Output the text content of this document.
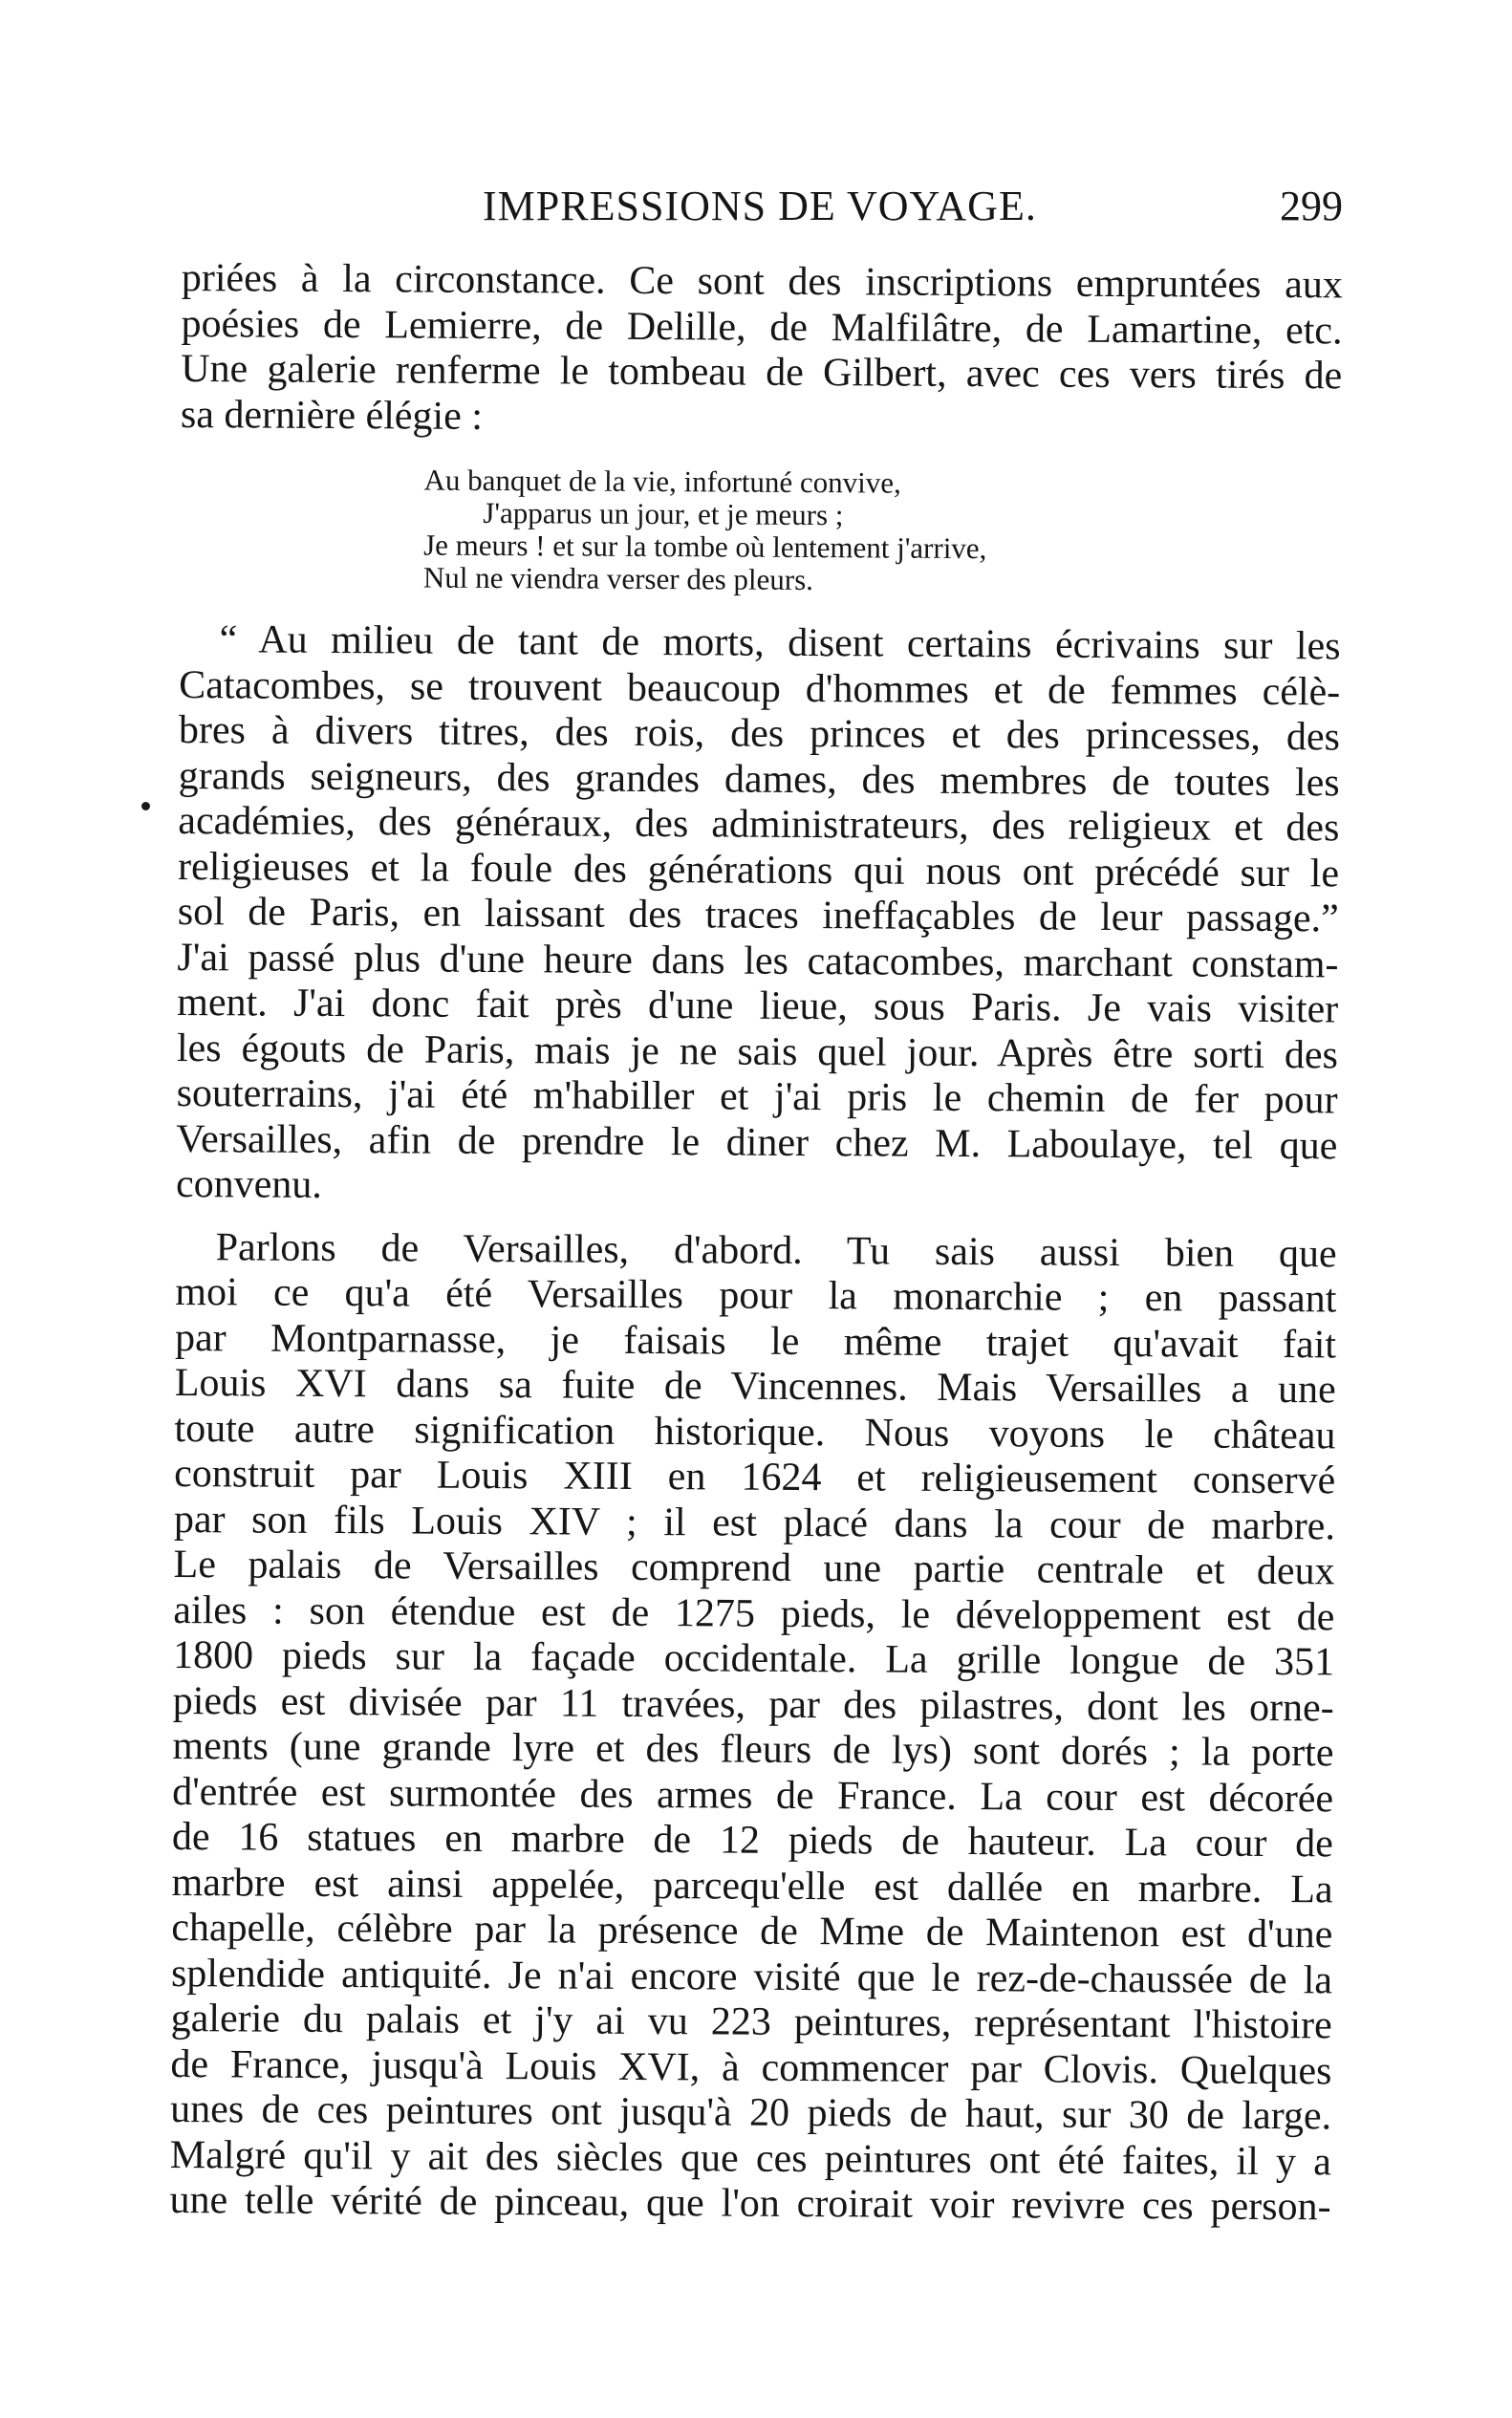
IMPRESSIONS DE VOYAGE.	299
priées à la circonstance. Ce sont des inscriptions empruntées aux
poésies de Lemierre, de Delille, de Malfilâtre, de Lamartine, etc.
Une galerie renferme le tombeau de Gilbert, avec ces vers tirés de
sa dernière élégie :
Au banquet de la vie, infortuné convive,
J'apparus un jour, et je meurs ;
Je meurs ! et sur la tombe où lentement j'arrive,
Nul ne viendra verser des pleurs.
“ Au milieu de tant de morts, disent certains écrivains sur les
Catacombes, se trouvent beaucoup d'hommes et de femmes célè-
bres à divers titres, des rois, des princes et des princesses, des
grands seigneurs, des grandes dames, des membres de toutes les
académies, des généraux, des administrateurs, des religieux et des
religieuses et la foule des générations qui nous ont précédé sur le
sol de Paris, en laissant des traces ineffaçables de leur passage.”
J'ai passé plus d'une heure dans les catacombes, marchant constam-
ment. J'ai donc fait près d'une lieue, sous Paris. Je vais visiter
les égouts de Paris, mais je ne sais quel jour. Après être sorti des
souterrains, j'ai été m'habiller et j'ai pris le chemin de fer pour
Versailles, afin de prendre le diner chez M. Laboulaye, tel que
convenu.
Parlons de Versailles, d'abord. Tu sais aussi bien que
moi ce qu'a été Versailles pour la monarchie ; en passant
par Montparnasse, je faisais le même trajet qu'avait fait
Louis XVI dans sa fuite de Vincennes. Mais Versailles a une
toute autre signification historique. Nous voyons le château
construit par Louis XIII en 1624 et religieusement conservé
par son fils Louis XIV ; il est placé dans la cour de marbre.
Le palais de Versailles comprend une partie centrale et deux
ailes : son étendue est de 1275 pieds, le développement est de
1800 pieds sur la façade occidentale. La grille longue de 351
pieds est divisée par 11 travées, par des pilastres, dont les orne-
ments (une grande lyre et des fleurs de lys) sont dorés ; la porte
d'entrée est surmontée des armes de France. La cour est décorée
de 16 statues en marbre de 12 pieds de hauteur. La cour de
marbre est ainsi appelée, parcequ'elle est dallée en marbre. La
chapelle, célèbre par la présence de Mme de Maintenon est d'une
splendide antiquité. Je n'ai encore visité que le rez-de-chaussée de la
galerie du palais et j'y ai vu 223 peintures, représentant l'histoire
de France, jusqu'à Louis XVI, à commencer par Clovis. Quelques
unes de ces peintures ont jusqu'à 20 pieds de haut, sur 30 de large.
Malgré qu'il y ait des siècles que ces peintures ont été faites, il y a
une telle vérité de pinceau, que l'on croirait voir revivre ces person-
